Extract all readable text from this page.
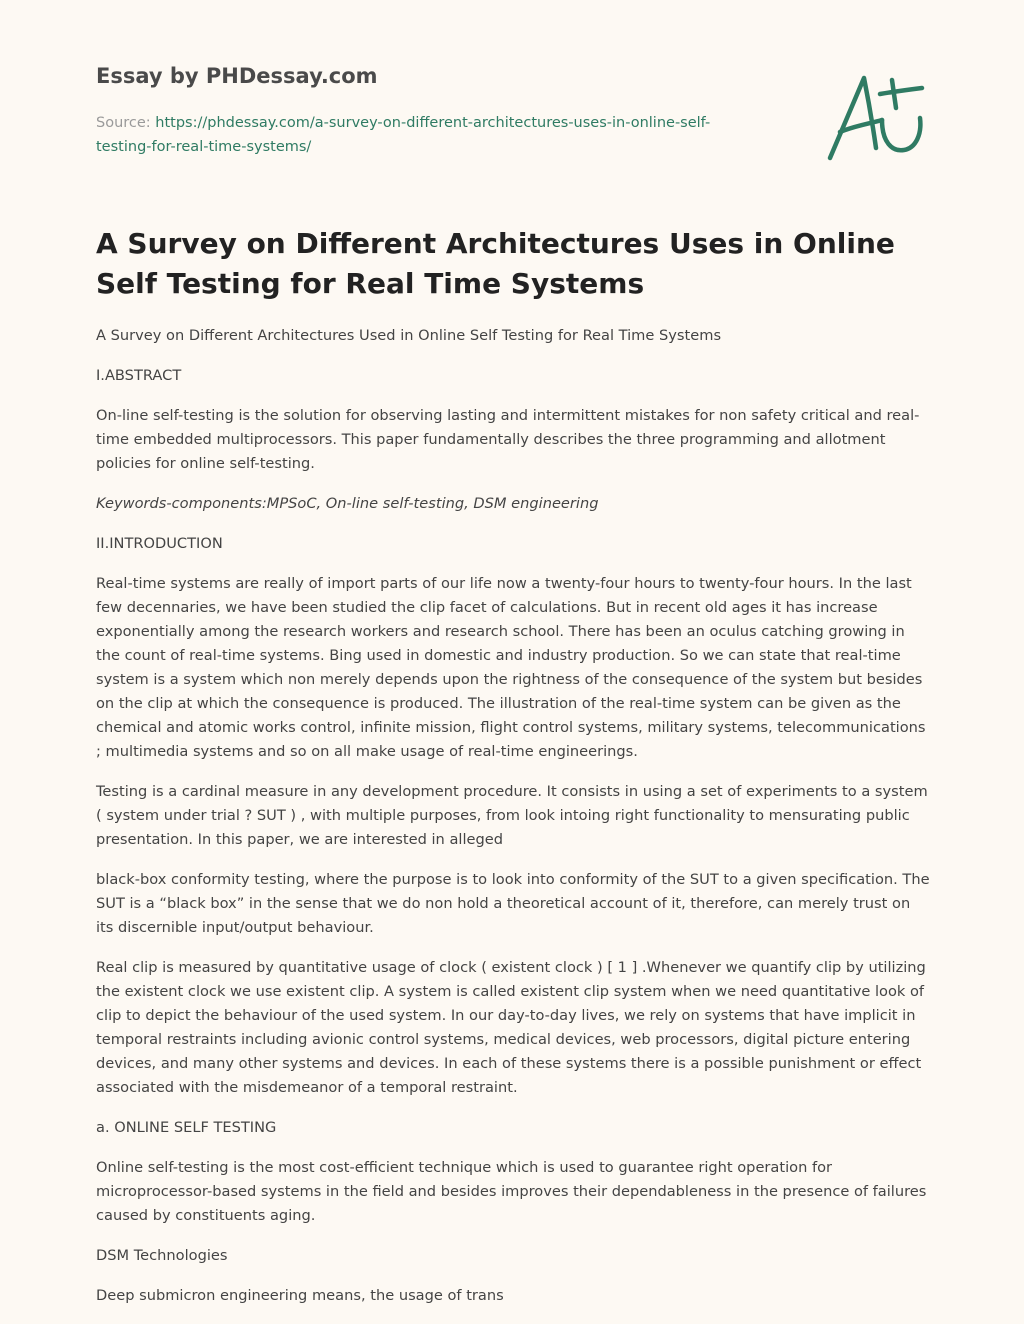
Essay by PHDessay.com
Source: https://phdessay.com/a-survey-on-different-architectures-uses-in-online-self-
testing-for-real-time-systems/
A Survey on Different Architectures Uses in Online Self Testing for Real Time Systems

A Survey on Different Architectures Used in Online Self Testing for Real Time Systems

I.ABSTRACT

On-line self-testing is the solution for observing lasting and intermittent mistakes for non safety critical and real-time embedded multiprocessors. This paper fundamentally describes the three programming and allotment policies for online self-testing.

Keywords-components:MPSoC, On-line self-testing, DSM engineering

II.INTRODUCTION

Real-time systems are really of import parts of our life now a twenty-four hours to twenty-four hours. In the last few decennaries, we have been studied the clip facet of calculations. But in recent old ages it has increase exponentially among the research workers and research school. There has been an oculus catching growing in the count of real-time systems. Bing used in domestic and industry production. So we can state that real-time system is a system which non merely depends upon the rightness of the consequence of the system but besides on the clip at which the consequence is produced. The illustration of the real-time system can be given as the chemical and atomic works control, infinite mission, flight control systems, military systems, telecommunications ; multimedia systems and so on all make usage of real-time engineerings.

Testing is a cardinal measure in any development procedure. It consists in using a set of experiments to a system ( system under trial ? SUT ) , with multiple purposes, from look intoing right functionality to mensurating public presentation. In this paper, we are interested in alleged

black-box conformity testing, where the purpose is to look into conformity of the SUT to a given specification. The SUT is a “black box” in the sense that we do non hold a theoretical account of it, therefore, can merely trust on its discernible input/output behaviour.

Real clip is measured by quantitative usage of clock ( existent clock ) [ 1 ] .Whenever we quantify clip by utilizing the existent clock we use existent clip. A system is called existent clip system when we need quantitative look of clip to depict the behaviour of the used system. In our day-to-day lives, we rely on systems that have implicit in temporal restraints including avionic control systems, medical devices, web processors, digital picture entering devices, and many other systems and devices. In each of these systems there is a possible punishment or effect associated with the misdemeanor of a temporal restraint.

a. ONLINE SELF TESTING

Online self-testing is the most cost-efficient technique which is used to guarantee right operation for microprocessor-based systems in the field and besides improves their dependableness in the presence of failures caused by constituents aging.

DSM Technologies

Deep submicron engineering means, the usage of trans
